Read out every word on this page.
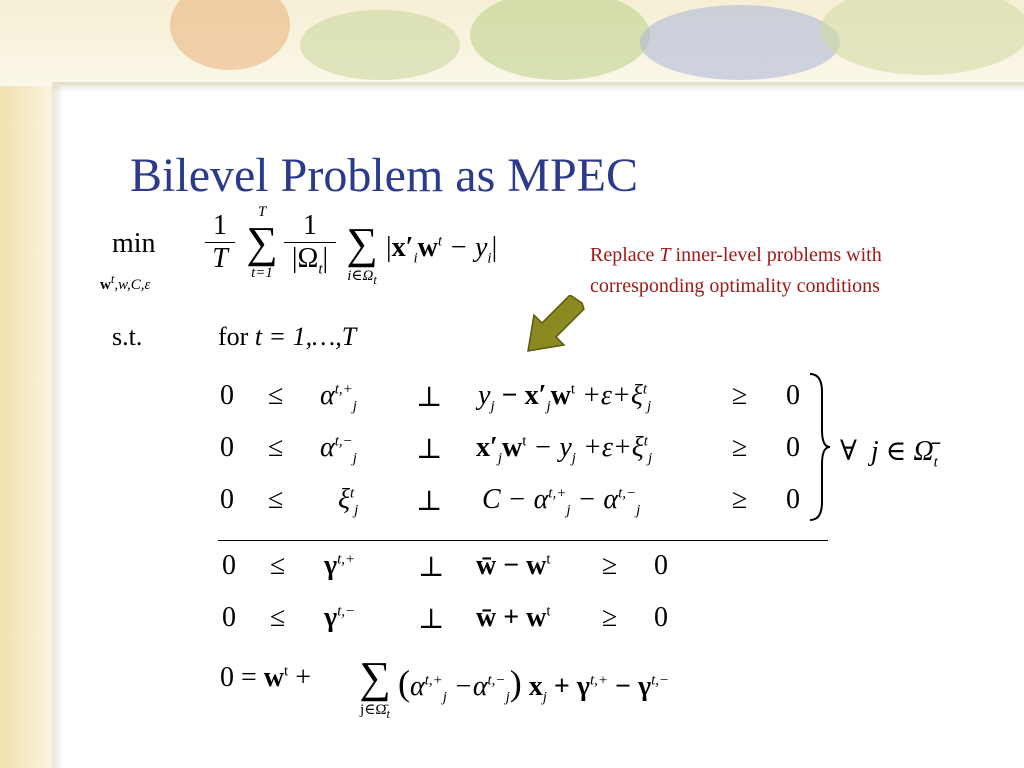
Bilevel Problem as MPEC
Replace T inner-level problems with
corresponding optimality conditions
min
$w^t,w,C,\varepsilon$
1
T
T
∑
t=1
1
$|\Omega_t|$ ∑
$i\in\Omega_t$
$|x'_iw^t - y_i|$
s.t.	for t = 1,…,T
$0 \le \alpha^{t,+}_j$ ⊥ $y_j - x'_jw^t +\varepsilon+\xi^t_j$	≥ 0
$0 \le \alpha^{t,-}_j$ ⊥ $x'_jw^t - y_j +\varepsilon+\xi^t_j$	≥ 0
$0 \le \xi^t_j$ ⊥ $C - \alpha^{t,+}_j - \alpha^{t,-}_j$	≥ 0
∀ j ∈ $\Omegā_t$
$0 \le \gamma^{t,+}$ ⊥ w̄ − $w^t \ge 0$
$0 \le \gamma^{t,-}$ ⊥ w̄ + $w^t \ge 0$
$0 = w^t$ + ∑
$j\in\Omegā_t$
$(\alpha^{t,+}_j -\alpha^{t,-}_j) x_j + \gamma^{t,+} - \gamma^{t,-}$
